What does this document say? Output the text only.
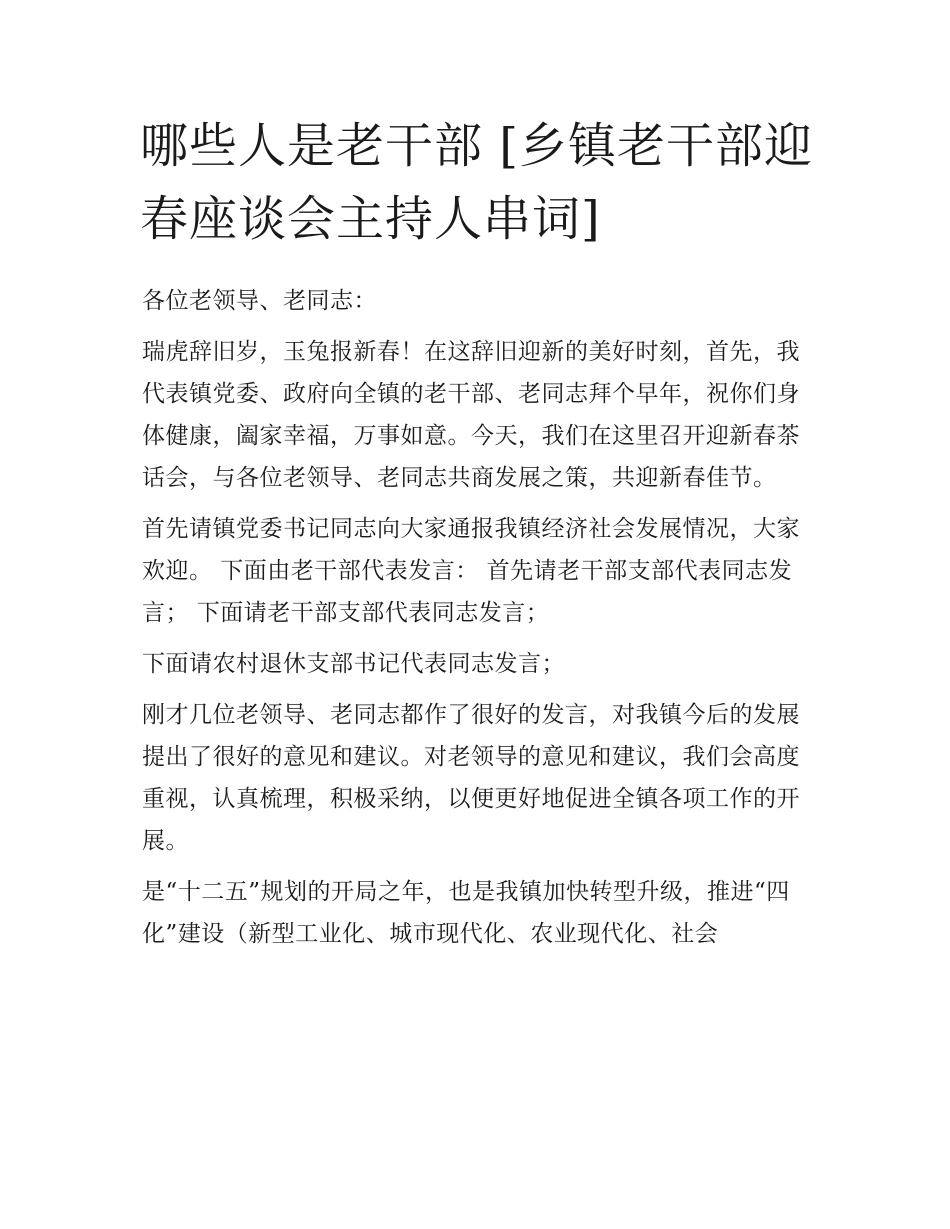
哪些人是老干部 [乡镇老干部迎春座谈会主持人串词]

各位老领导、老同志：

瑞虎辞旧岁，玉兔报新春！在这辞旧迎新的美好时刻，首先，我代表镇党委、政府向全镇的老干部、老同志拜个早年，祝你们身体健康，阖家幸福，万事如意。今天，我们在这里召开迎新春茶话会，与各位老领导、老同志共商发展之策，共迎新春佳节。

首先请镇党委书记同志向大家通报我镇经济社会发展情况，大家欢迎。 下面由老干部代表发言： 首先请老干部支部代表同志发言； 下面请老干部支部代表同志发言；

下面请农村退休支部书记代表同志发言；

刚才几位老领导、老同志都作了很好的发言，对我镇今后的发展提出了很好的意见和建议。对老领导的意见和建议，我们会高度重视，认真梳理，积极采纳，以便更好地促进全镇各项工作的开展。

是“十二五”规划的开局之年，也是我镇加快转型升级，推进“四化”建设（新型工业化、城市现代化、农业现代化、社会
